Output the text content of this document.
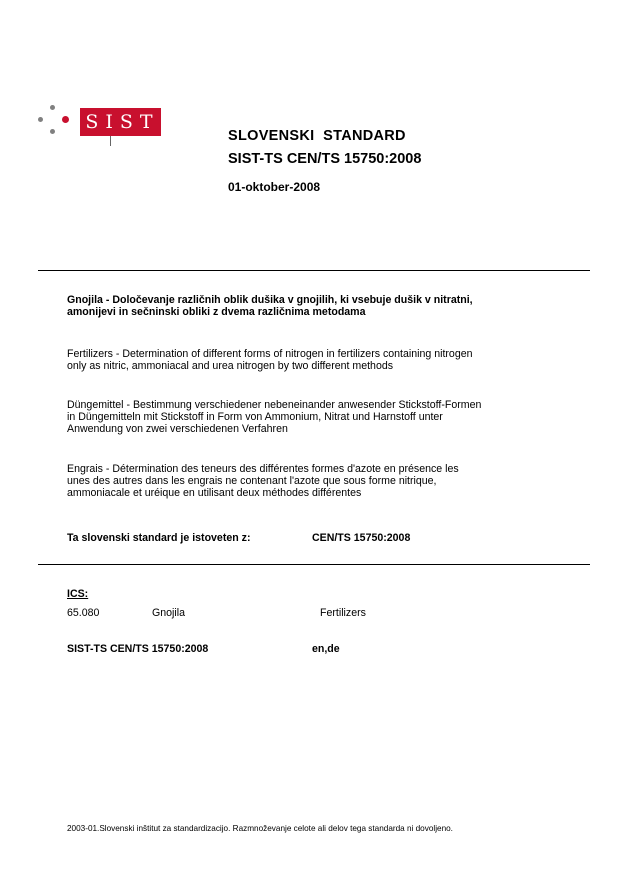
SIST
SLOVENSKI  STANDARD
SIST-TS CEN/TS 15750:2008
01-oktober-2008
Gnojila - Določevanje različnih oblik dušika v gnojilih, ki vsebuje dušik v nitratni,
amonijevi in sečninski obliki z dvema različnima metodama
Fertilizers - Determination of different forms of nitrogen in fertilizers containing nitrogen
only as nitric, ammoniacal and urea nitrogen by two different methods
Düngemittel - Bestimmung verschiedener nebeneinander anwesender Stickstoff-Formen
in Düngemitteln mit Stickstoff in Form von Ammonium, Nitrat und Harnstoff unter
Anwendung von zwei verschiedenen Verfahren
Engrais - Détermination des teneurs des différentes formes d'azote en présence les
unes des autres dans les engrais ne contenant l'azote que sous forme nitrique,
ammoniacale et uréique en utilisant deux méthodes différentes
Ta slovenski standard je istoveten z:	CEN/TS 15750:2008
ICS:
65.080	Gnojila	Fertilizers
SIST-TS CEN/TS 15750:2008	en,de
2003-01.Slovenski inštitut za standardizacijo. Razmnoževanje celote ali delov tega standarda ni dovoljeno.
